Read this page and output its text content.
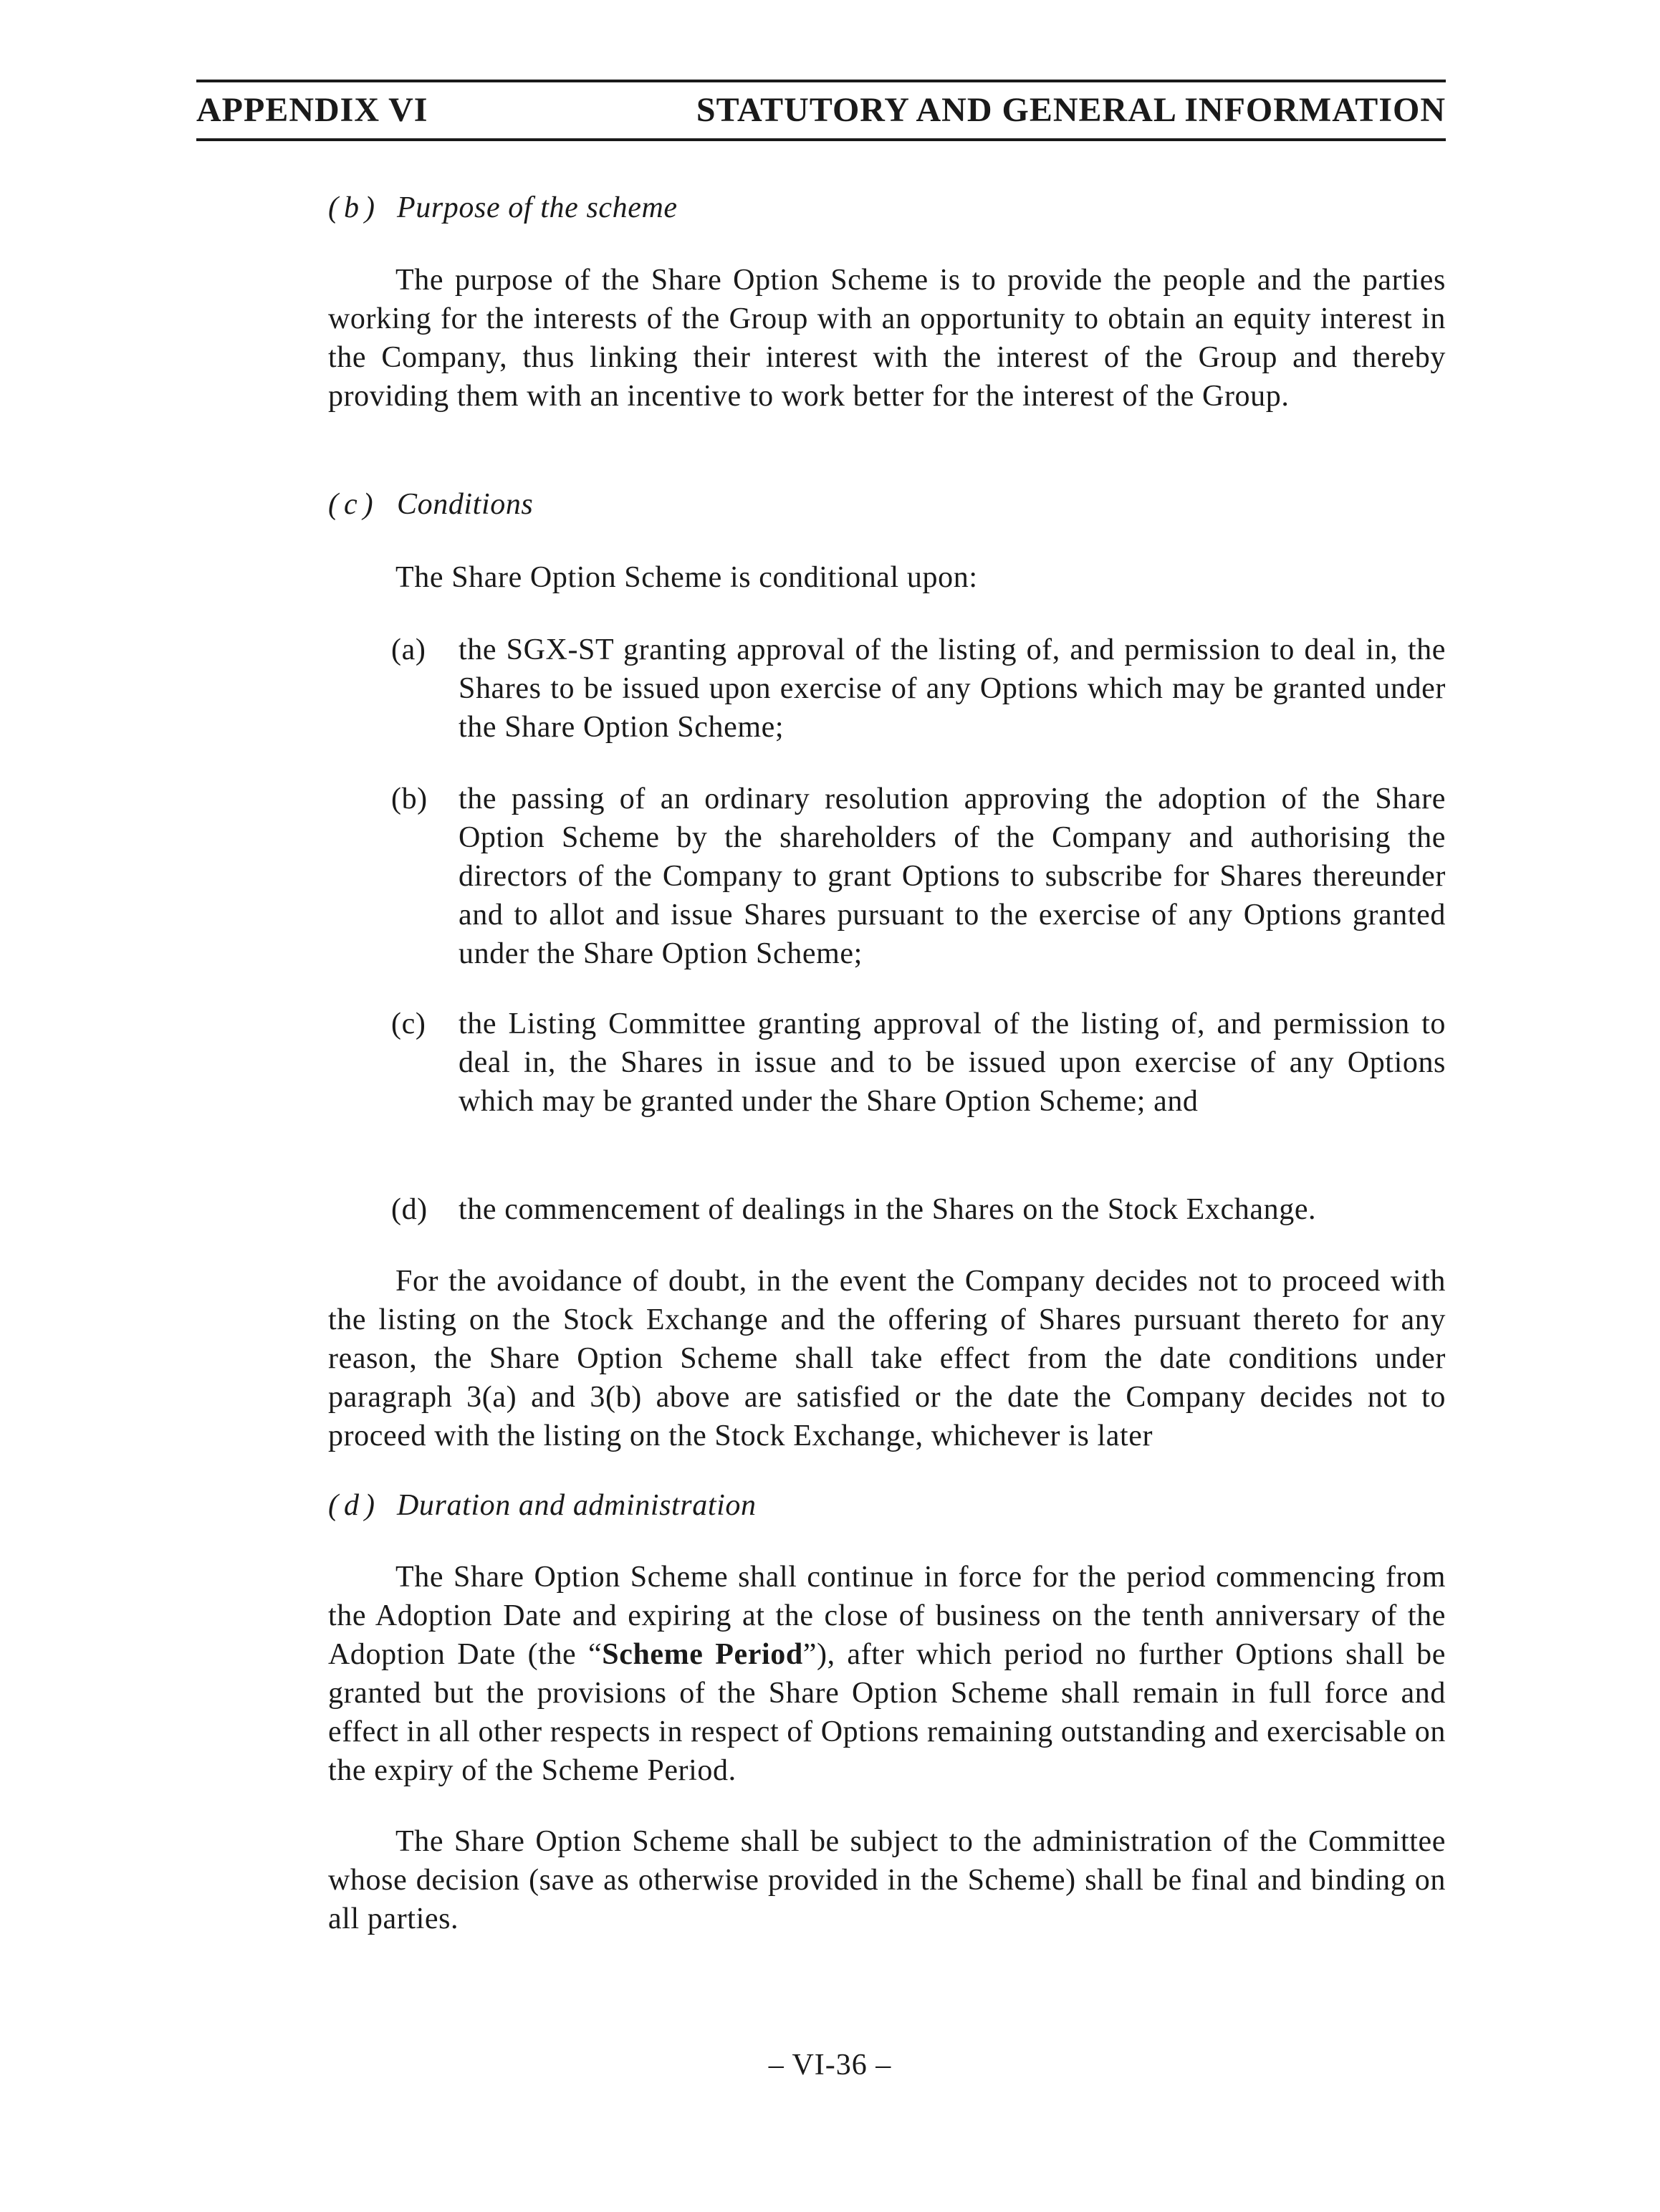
APPENDIX VI	STATUTORY AND GENERAL INFORMATION
(b) Purpose of the scheme
The purpose of the Share Option Scheme is to provide the people and the parties working for the interests of the Group with an opportunity to obtain an equity interest in the Company, thus linking their interest with the interest of the Group and thereby providing them with an incentive to work better for the interest of the Group.
(c) Conditions
The Share Option Scheme is conditional upon:
(a) the SGX-ST granting approval of the listing of, and permission to deal in, the Shares to be issued upon exercise of any Options which may be granted under the Share Option Scheme;
(b) the passing of an ordinary resolution approving the adoption of the Share Option Scheme by the shareholders of the Company and authorising the directors of the Company to grant Options to subscribe for Shares thereunder and to allot and issue Shares pursuant to the exercise of any Options granted under the Share Option Scheme;
(c) the Listing Committee granting approval of the listing of, and permission to deal in, the Shares in issue and to be issued upon exercise of any Options which may be granted under the Share Option Scheme; and
(d) the commencement of dealings in the Shares on the Stock Exchange.
For the avoidance of doubt, in the event the Company decides not to proceed with the listing on the Stock Exchange and the offering of Shares pursuant thereto for any reason, the Share Option Scheme shall take effect from the date conditions under paragraph 3(a) and 3(b) above are satisfied or the date the Company decides not to proceed with the listing on the Stock Exchange, whichever is later
(d) Duration and administration
The Share Option Scheme shall continue in force for the period commencing from the Adoption Date and expiring at the close of business on the tenth anniversary of the Adoption Date (the “Scheme Period”), after which period no further Options shall be granted but the provisions of the Share Option Scheme shall remain in full force and effect in all other respects in respect of Options remaining outstanding and exercisable on the expiry of the Scheme Period.
The Share Option Scheme shall be subject to the administration of the Committee whose decision (save as otherwise provided in the Scheme) shall be final and binding on all parties.
– VI-36 –
